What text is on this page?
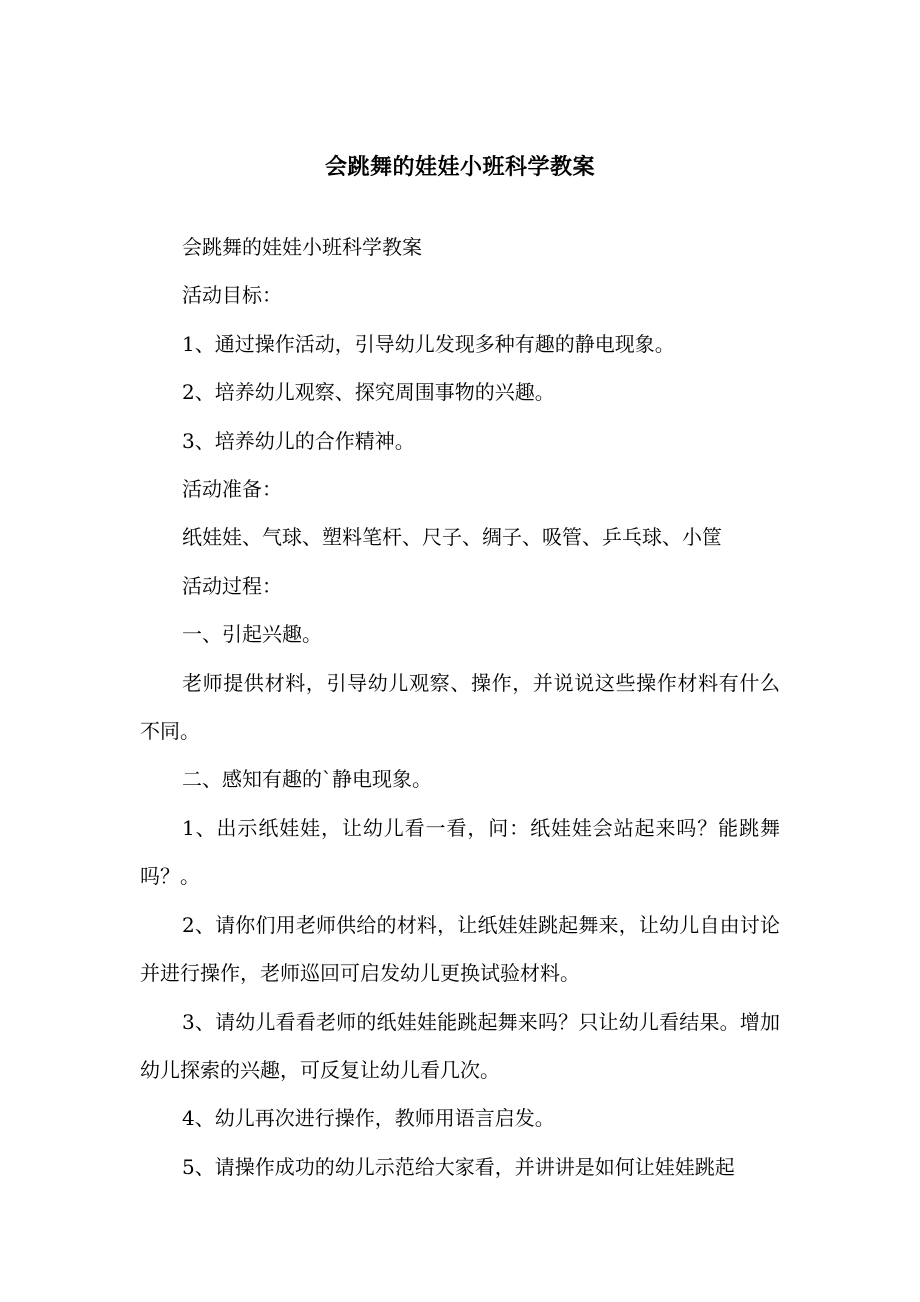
会跳舞的娃娃小班科学教案

会跳舞的娃娃小班科学教案

活动目标：

1、通过操作活动，引导幼儿发现多种有趣的静电现象。

2、培养幼儿观察、探究周围事物的兴趣。

3、培养幼儿的合作精神。

活动准备：

纸娃娃、气球、塑料笔杆、尺子、绸子、吸管、乒乓球、小筐

活动过程：

一、引起兴趣。

老师提供材料，引导幼儿观察、操作，并说说这些操作材料有什么不同。

二、感知有趣的`静电现象。

1、出示纸娃娃，让幼儿看一看，问：纸娃娃会站起来吗？能跳舞吗？。

2、请你们用老师供给的材料，让纸娃娃跳起舞来，让幼儿自由讨论并进行操作，老师巡回可启发幼儿更换试验材料。

3、请幼儿看看老师的纸娃娃能跳起舞来吗？只让幼儿看结果。增加幼儿探索的兴趣，可反复让幼儿看几次。

4、幼儿再次进行操作，教师用语言启发。

5、请操作成功的幼儿示范给大家看，并讲讲是如何让娃娃跳起
